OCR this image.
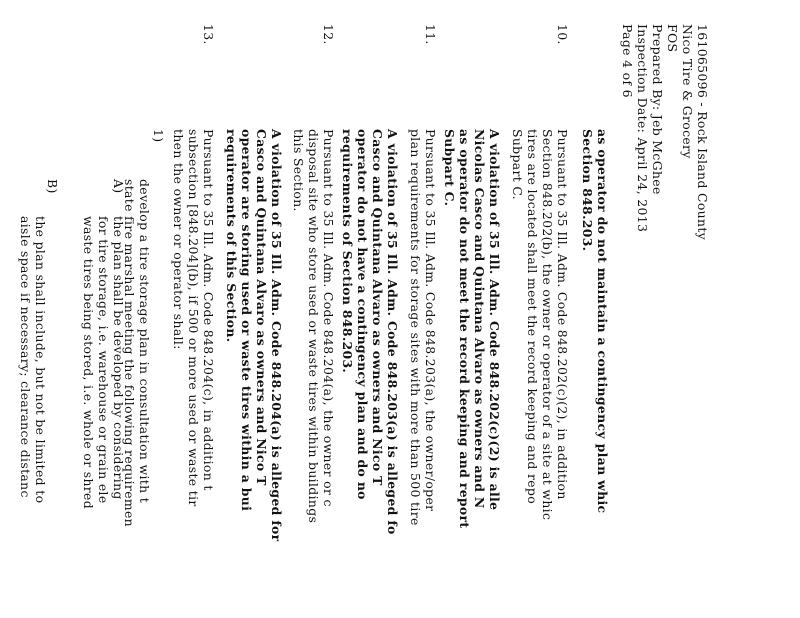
161065096 - Rock Island County
Nico Tire & Grocery
FOS
Prepared By: Jeb McGhee
Inspection Date: April 24, 2013
Page 4 of 6
as operator do not maintain a contingency plan whic
Section 848.203.
10.
Pursuant to 35 Ill. Adm. Code 848.202(c)(2), in addition
Section 848.202(b), the owner or operator of a site at whic
tires are located shall meet the record keeping and repo
Subpart C.
A violation of 35 Ill. Adm. Code 848.202(c)(2) is alle
Nicolas Casco and Quintana Alvaro as owners and N
as operator do not meet the record keeping and report
Subpart C.
11.
Pursuant to 35 Ill. Adm. Code 848.203(a), the owner/oper
plan requirements for storage sites with more than 500 tire
A violation of 35 Ill. Adm. Code 848.203(a) is alleged fo
Casco and Quintana Alvaro as owners and Nico T
operator do not have a contingency plan and do no
requirements of Section 848.203.
12.
Pursuant to 35 Ill. Adm. Code 848.204(a), the owner or c
disposal site who store used or waste tires within buildings
this Section.
A violation of 35 Ill. Adm. Code 848.204(a) is alleged for
Casco and Quintana Alvaro as owners and Nico T
operator are storing used or waste tires within a bui
requirements of this Section.
13.
Pursuant to 35 Ill. Adm. Code 848.204(c), in addition t
subsection [848.204](b), if 500 or more used or waste tir
then the owner or operator shall:
1)
develop a tire storage plan in consultation with t
state fire marshal meeting the following requiremen
A)
the plan shall be developed by considering
for tire storage, i.e. warehouse or grain ele
waste tires being stored, i.e. whole or shred
B)
the plan shall include, but not be limited to
aisle space if necessary; clearance distanc
